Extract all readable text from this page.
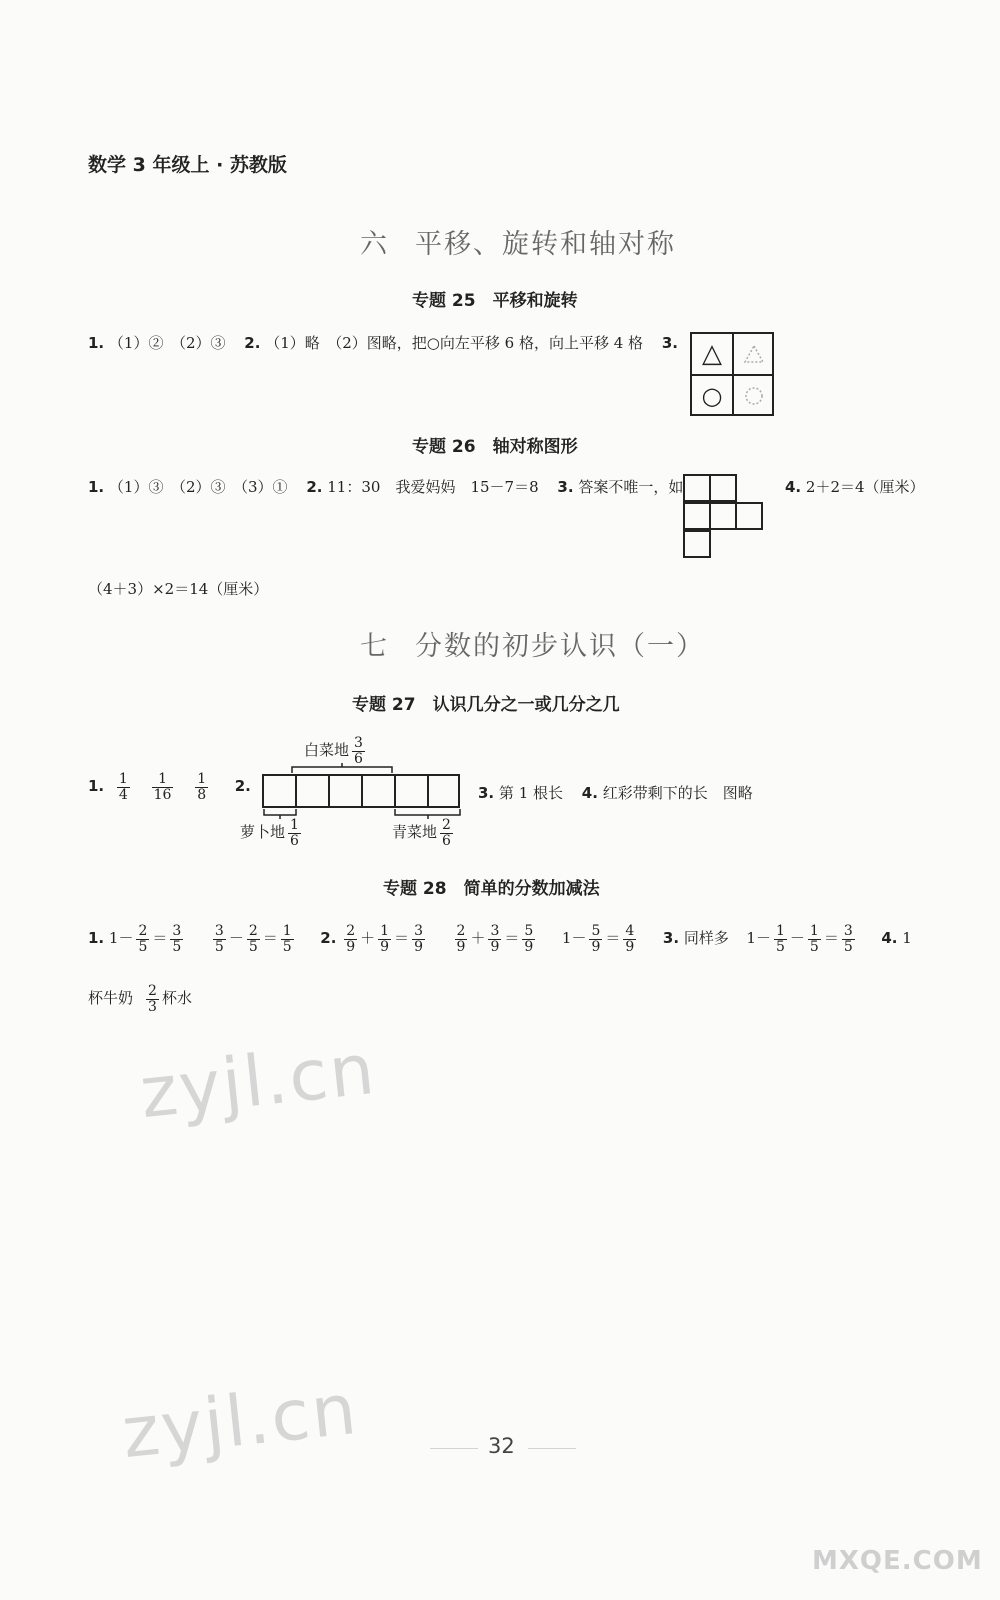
数学 3 年级上 · 苏教版
六 平移、旋转和轴对称
专题 25　平移和旋转
1. （1）②　（2）③ 2. （1）略　（2）图略，把○向左平移 6 格，向上平移 4 格 3. △
○
专题 26　轴对称图形
1. （1）③　（2）③　（3）① 2. 11：30　我爱妈妈　15－7＝8 3. 答案不唯一，如	4. 2＋2＝4（厘米）
（4＋3）×2＝14（厘米）
七 分数的初步认识（一）
专题 27　认识几分之一或几分之几
1. $\frac{1}{4}$
$\frac{1}{16}$
$\frac{1}{8} 2$.
白菜地 $\frac{3}{6}$
萝卜地 $\frac{1}{6}$	青菜地 $\frac{2}{6}$
3. 第 1 根长 4. 红彩带剩下的长　图略
专题 28　简单的分数加减法
1. $1- \frac{2}{5} = \frac{3}{5}$
$\frac{3}{5} - \frac{2}{5} = \frac{1}{5} 2$. $\frac{2}{9} + \frac{1}{9} = \frac{3}{9}$
$\frac{2}{9} + \frac{3}{9} = \frac{5}{9} 1- \frac{5}{9} = \frac{4}{9} 3$. 同样多 $1- \frac{1}{5} - \frac{1}{5} = \frac{3}{5} 4$. 1
杯牛奶 $\frac{2}{3}$ 杯水
zyjl.cn
zyjl.cn	32
MXQE.COM
